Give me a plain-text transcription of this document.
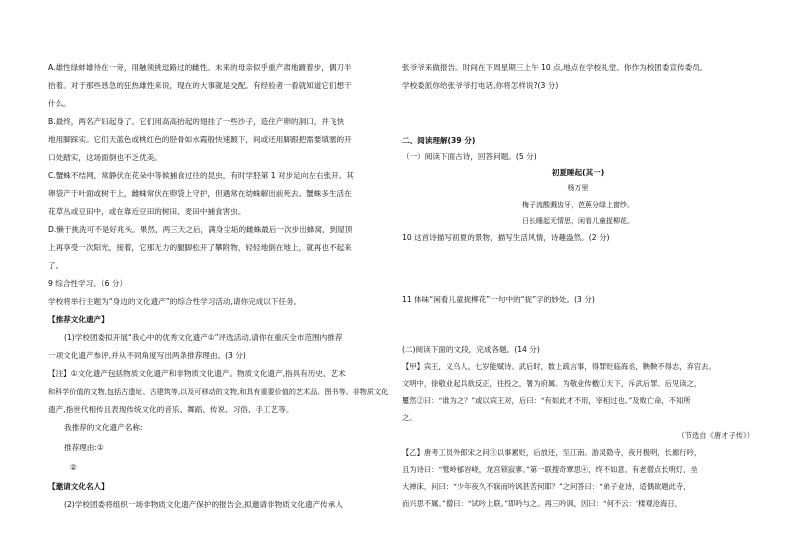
A.雄性绿蚌雄待在一旁，用触须挑逗路过的雌性。未来的母亲似乎重产肃地踱着步，偶刀半
抬着。对于那些恳急的狂热雄性来说，现在的大事就是交配。有经验者一看就知道它们想干
什么。
B.最终，两名产妇起身了。它们用高高抬起的翅挂了一些沙子，造住产卵的洞口，并飞快
地用脚踩实。它们天蓝色或桃红色的胫骨如水霞般快速踱下，间或还用脚跟把需要填塞的开
口处踏实，这场面倒也不乏优美。
C.蟹蛛不结网，常静伏在花朵中等候捕食过往的昆虫，有时学胫第 1 对步足向左右张开。其
卵袋产于叶面或树干上，雌蛛常伏在卵袋上守护，但遇常在幼蛛解出前死去。蟹蛛多生活在
花草丛或豆田中，或在靠近豆田的树田、麦田中捕食害虫。
D.懒于挑洗可不是好兆头。果然，两三天之后，满身尘垢的雌蛛最后一次步出蜂窝，到屋顶
上再享受一次阳光，接着，它那无力的腿脚松开了攀附物，轻轻地倒在地上，就再也不起来
了。
9 综合性学习。（6 分）
学校将举行主题为“身边的文化遗产”的综合性学习活动,请你完成以下任务。
【推荐文化遗产】
(1)学校团委拟开展“我心中的优秀文化遗产①”评选活动,请你在重庆全市范围内推荐
一项文化遗产参评,并从不同角度写出两条推荐理由。(3 分)
【注】①文化遗产包括物质文化遗产和非物质文化遗产。物质文化遗产,指具有历史、艺术
和科学价值的文物,包括古遗址、古建筑等,以及可移动的文物,和具有重要价值的艺术品、图书等。非物质文化
遗产,指世代相传且表现传统文化的音乐、舞蹈、传说、习俗、手工艺等。
我推荐的文化遗产名称:
推荐理由:①
②
【邀请文化名人】
(2)学校团委将组织一场非物质文化遗产保护的报告会,拟邀请非物质文化遗产传承人
张爷爷来做报告。时间在下周星期三上午 10 点,地点在学校礼堂。你作为校团委宣传委员,
学校委派你给张爷爷打电话,你将怎样说?(3 分)
二、阅读理解(39 分)
（一）阅读下面古诗，回答问题。(5 分)
初夏睡起(其一)
杨万里
梅子流酸溅齿牙，芭蕉分绿上窗纱。
日长睡起无情思，闲看儿童捉柳花。
10 这首诗描写初夏的景物，描写生活风情，诗趣盎然。(2 分)
11 体味“闲看儿童捉柳花”一句中的“捉”字的妙处。(3 分)
(二)阅读下面的文段，完成各题。(14 分)
【甲】宾王，义乌人。七岁能赋诗。武后时，数上疏言事，得罪贬临海丞，鞅鞅不得志，弃官去。
文明中，徐敬业起兵欲反正，往投之，署为府属。为敬业传檄①天下，斥武后罪。后见读之，
矍然②曰：“谁为之？”或以宾王对，后曰：“有如此才不用，宰相过也。”及败亡命，不知所
之。
（节选自《唐才子传》）
【乙】唐考工员外郎宋之问③以事累贬，后放还，至江南。游灵隐寺，夜月极明，长廊行吟，
且为诗曰：“鹫岭郁岧峣，龙宫锁寂寥。”第一联搜奇覃思④，终不如意。有老僧点长明灯，坐
大禅床，问曰：“少年夜久不寐而吟讽甚苦何耶？”之问答曰：“弟子业诗，适偶欲题此寺，
而兴思不属。”僧曰：“试吟上联。”即吟与之。再三吟讽，因曰：“何不云：‘楼观沧海日，
